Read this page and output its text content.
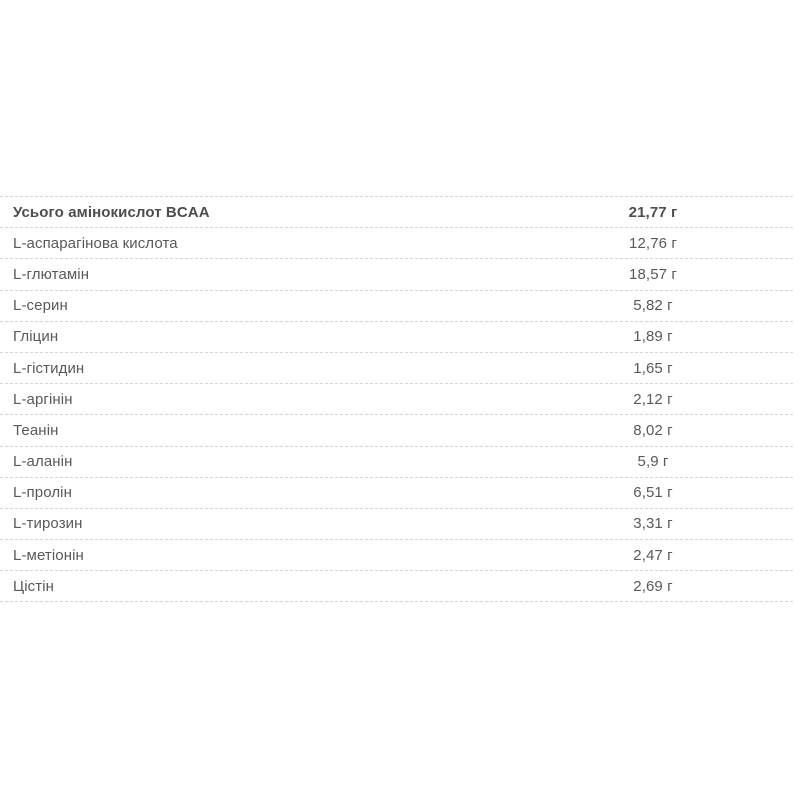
Усього амінокислот BCAA	21,77 г
L-аспарагінова кислота	12,76 г
L-глютамін	18,57 г
L-серин	5,82 г
Гліцин	1,89 г
L-гістидин	1,65 г
L-аргінін	2,12 г
Теанін	8,02 г
L-аланін	5,9 г
L-пролін	6,51 г
L-тирозин	3,31 г
L-метіонін	2,47 г
Цістін	2,69 г
